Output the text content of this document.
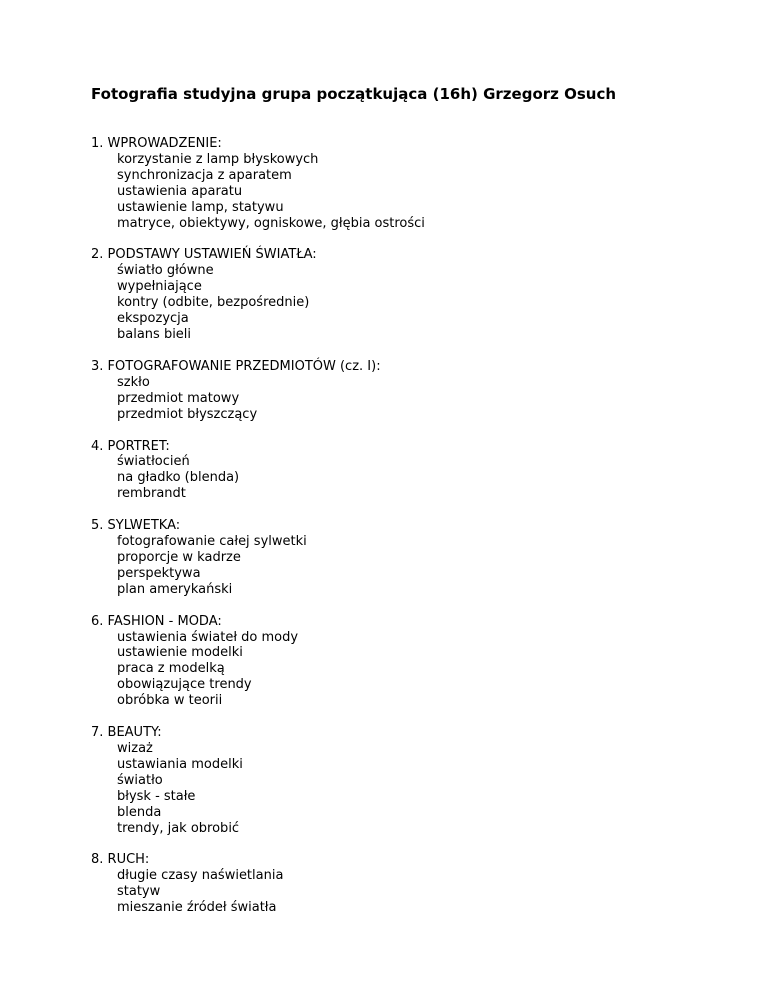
Fotografia studyjna grupa początkująca (16h) Grzegorz Osuch
1. WPROWADZENIE:
korzystanie z lamp błyskowych
synchronizacja z aparatem
ustawienia aparatu
ustawienie lamp, statywu
matryce, obiektywy, ogniskowe, głębia ostrości
2. PODSTAWY USTAWIEŃ ŚWIATŁA:
światło główne
wypełniające
kontry (odbite, bezpośrednie)
ekspozycja
balans bieli
3. FOTOGRAFOWANIE PRZEDMIOTÓW (cz. I):
szkło
przedmiot matowy
przedmiot błyszczący
4. PORTRET:
światłocień
na gładko (blenda)
rembrandt
5. SYLWETKA:
fotografowanie całej sylwetki
proporcje w kadrze
perspektywa
plan amerykański
6. FASHION - MODA:
ustawienia świateł do mody
ustawienie modelki
praca z modelką
obowiązujące trendy
obróbka w teorii
7. BEAUTY:
wizaż
ustawiania modelki
światło
błysk - stałe
blenda
trendy, jak obrobić
8. RUCH:
długie czasy naświetlania
statyw
mieszanie źródeł światła
